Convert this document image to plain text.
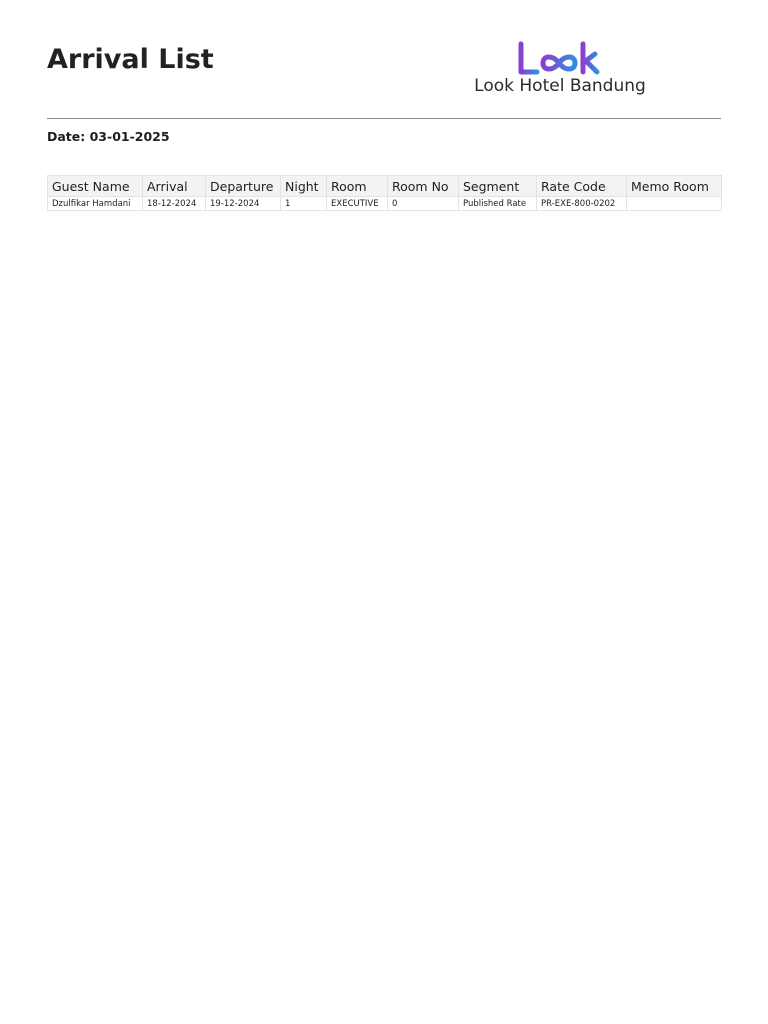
Arrival List
Look Hotel Bandung
Date: 03-01-2025
Guest Name	Arrival	Departure	Night	Room	Room No	Segment	Rate Code	Memo Room
Dzulfikar Hamdani	18-12-2024	19-12-2024	1	EXECUTIVE	0	Published Rate	PR-EXE-800-0202	
